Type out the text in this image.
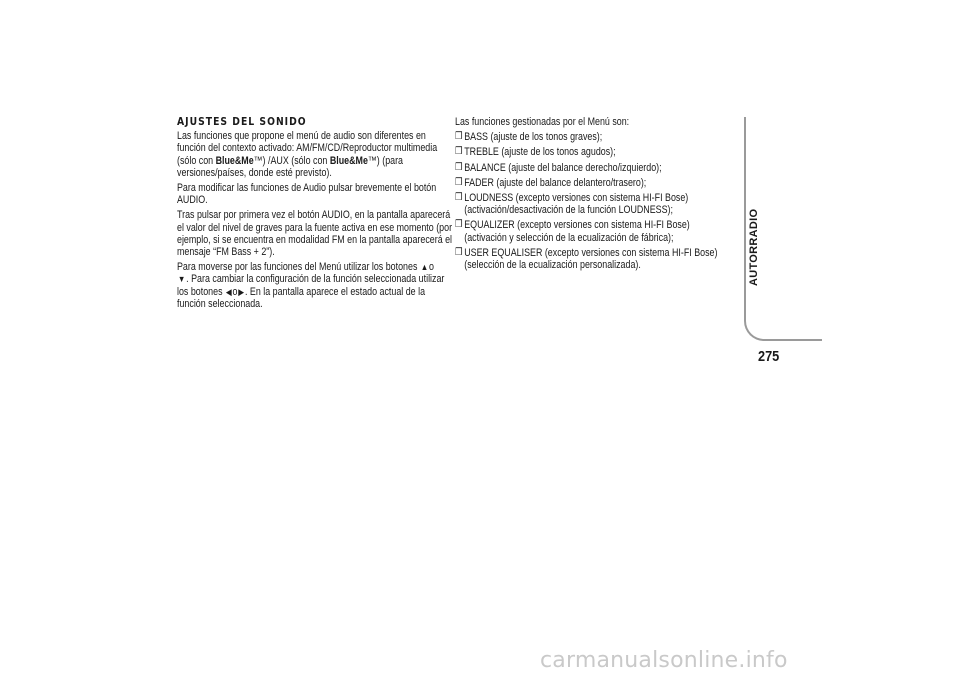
AJUSTES DEL SONIDO

Las funciones que propone el menú de audio son diferentes en función del contexto activado: AM/FM/CD/Reproductor multimedia (sólo con Blue&Me™) /AUX (sólo con Blue&Me™) (para versiones/países, donde esté previsto).

Para modificar las funciones de Audio pulsar brevemente el botón AUDIO.

Tras pulsar por primera vez el botón AUDIO, en la pantalla aparecerá el valor del nivel de graves para la fuente activa en ese momento (por ejemplo, si se encuentra en modalidad FM en la pantalla aparecerá el mensaje “FM Bass + 2”).

Para moverse por las funciones del Menú utilizar los botones ▲o
▼. Para cambiar la configuración de la función seleccionada utilizar los botones ◀o▶. En la pantalla aparece el estado actual de la función seleccionada.

Las funciones gestionadas por el Menú son:

❒ BASS (ajuste de los tonos graves);
❒ TREBLE (ajuste de los tonos agudos);
❒ BALANCE (ajuste del balance derecho/izquierdo);
❒ FADER (ajuste del balance delantero/trasero);
❒ LOUDNESS (excepto versiones con sistema HI-FI Bose) (activación/desactivación de la función LOUDNESS);
❒ EQUALIZER (excepto versiones con sistema HI-FI Bose) (activación y selección de la ecualización de fábrica);
❒ USER EQUALISER (excepto versiones con sistema HI-FI Bose) (selección de la ecualización personalizada).	AUTORRADIO
275
carmanualsonline.info
